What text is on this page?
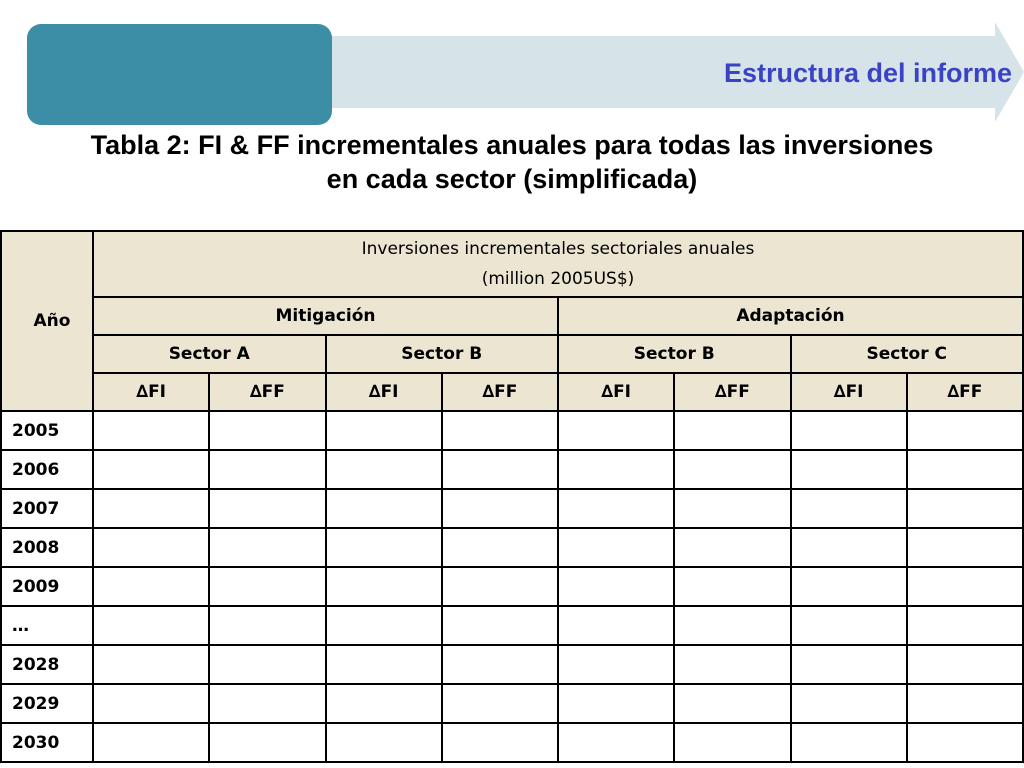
Estructura del informe
Tabla 2: FI & FF incrementales anuales para todas las inversiones
en cada sector (simplificada)
Año	Inversiones incrementales sectoriales anuales
(million 2005US$)							

	Mitigación				Adaptación			
	Sector A		Sector B		Sector B		Sector C	
	∆FI	∆FF	∆FI	∆FF	∆FI	∆FF	∆FI	∆FF
2005								
2006								
2007								
2008								
2009								
…								
2028								
2029								
2030								
